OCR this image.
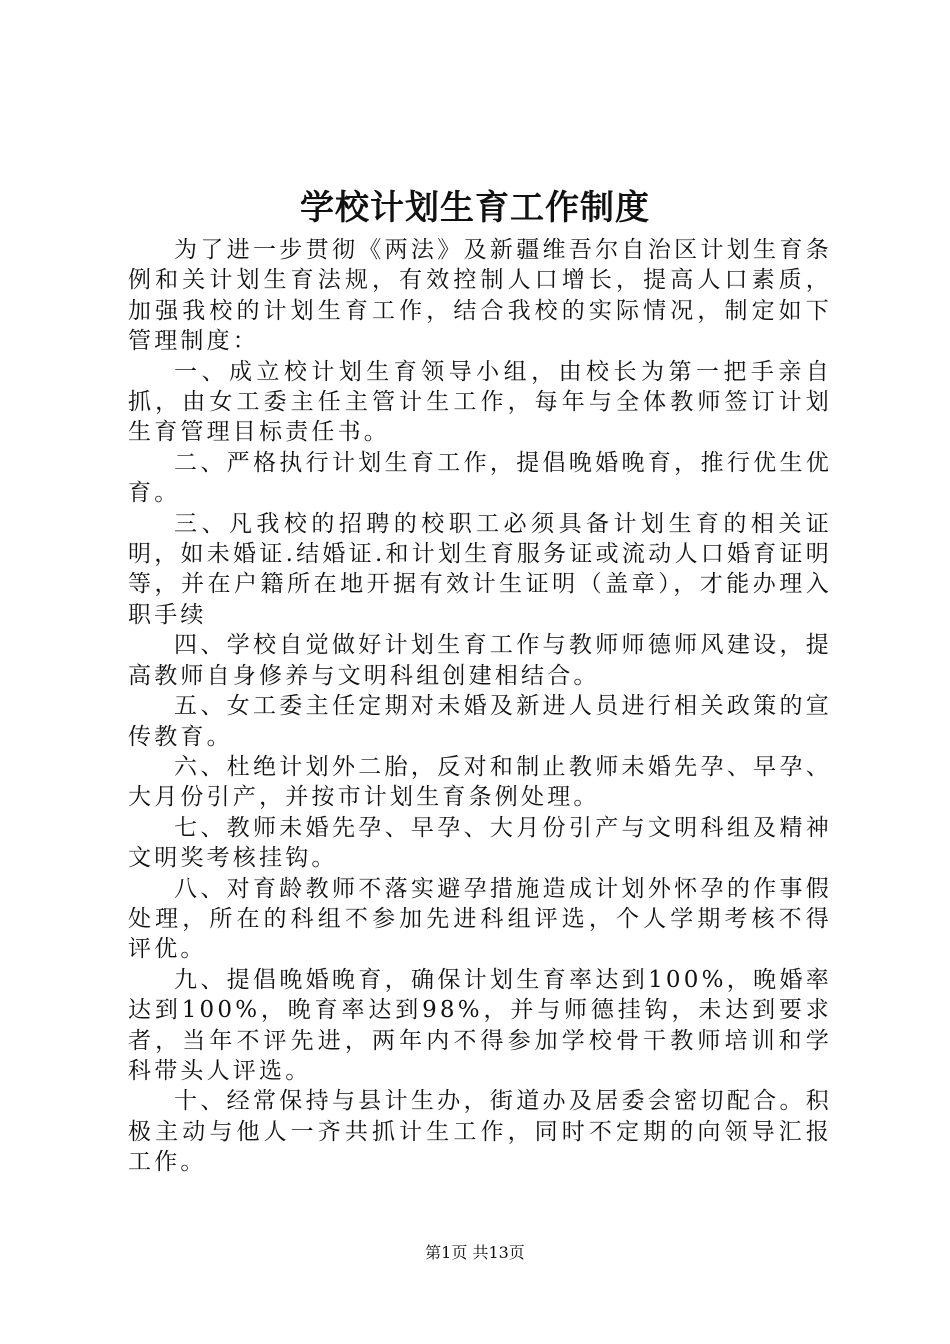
学校计划生育工作制度

为了进一步贯彻《两法》及新疆维吾尔自治区计划生育条例和关计划生育法规，有效控制人口增长，提高人口素质，加强我校的计划生育工作，结合我校的实际情况，制定如下管理制度：

一、成立校计划生育领导小组，由校长为第一把手亲自抓，由女工委主任主管计生工作，每年与全体教师签订计划生育管理目标责任书。

二、严格执行计划生育工作，提倡晚婚晚育，推行优生优育。

三、凡我校的招聘的校职工必须具备计划生育的相关证明，如未婚证.结婚证.和计划生育服务证或流动人口婚育证明等，并在户籍所在地开据有效计生证明（盖章），才能办理入职手续

四、学校自觉做好计划生育工作与教师师德师风建设，提高教师自身修养与文明科组创建相结合。

五、女工委主任定期对未婚及新进人员进行相关政策的宣传教育。

六、杜绝计划外二胎，反对和制止教师未婚先孕、早孕、大月份引产，并按市计划生育条例处理。

七、教师未婚先孕、早孕、大月份引产与文明科组及精神文明奖考核挂钩。

八、对育龄教师不落实避孕措施造成计划外怀孕的作事假处理，所在的科组不参加先进科组评选，个人学期考核不得评优。

九、提倡晚婚晚育，确保计划生育率达到100%，晚婚率达到100%，晚育率达到98%，并与师德挂钩，未达到要求者，当年不评先进，两年内不得参加学校骨干教师培训和学科带头人评选。

十、经常保持与县计生办，街道办及居委会密切配合。积极主动与他人一齐共抓计生工作，同时不定期的向领导汇报工作。

第1页 共13页
